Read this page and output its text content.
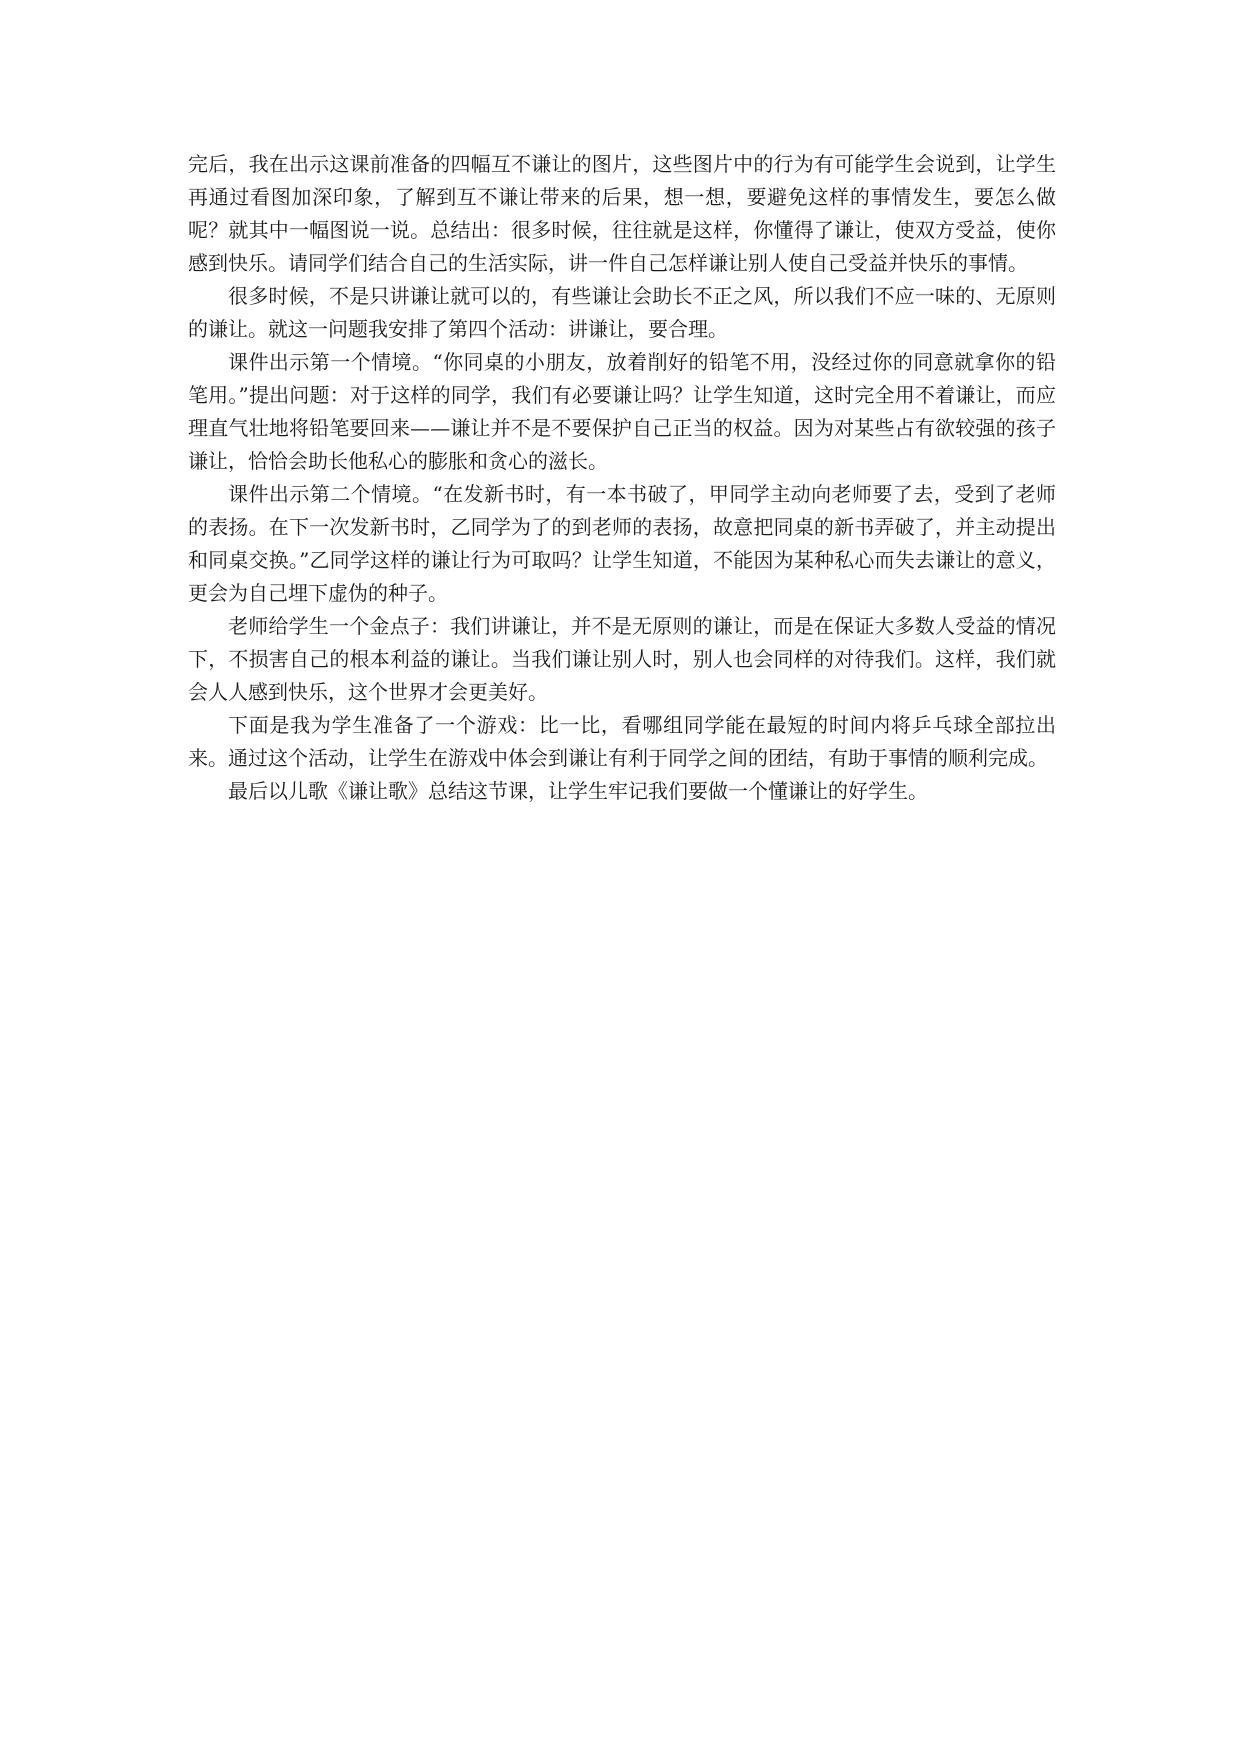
完后，我在出示这课前准备的四幅互不谦让的图片，这些图片中的行为有可能学生会说到，让学生再通过看图加深印象，了解到互不谦让带来的后果，想一想，要避免这样的事情发生，要怎么做呢？就其中一幅图说一说。总结出：很多时候，往往就是这样，你懂得了谦让，使双方受益，使你感到快乐。请同学们结合自己的生活实际，讲一件自己怎样谦让别人使自己受益并快乐的事情。

很多时候，不是只讲谦让就可以的，有些谦让会助长不正之风，所以我们不应一味的、无原则的谦让。就这一问题我安排了第四个活动：讲谦让，要合理。

课件出示第一个情境。“你同桌的小朋友，放着削好的铅笔不用，没经过你的同意就拿你的铅笔用。”提出问题：对于这样的同学，我们有必要谦让吗？让学生知道，这时完全用不着谦让，而应理直气壮地将铅笔要回来——谦让并不是不要保护自己正当的权益。因为对某些占有欲较强的孩子谦让，恰恰会助长他私心的膨胀和贪心的滋长。

课件出示第二个情境。“在发新书时，有一本书破了，甲同学主动向老师要了去，受到了老师的表扬。在下一次发新书时，乙同学为了的到老师的表扬，故意把同桌的新书弄破了，并主动提出和同桌交换。”乙同学这样的谦让行为可取吗？让学生知道，不能因为某种私心而失去谦让的意义，更会为自己埋下虚伪的种子。

老师给学生一个金点子：我们讲谦让，并不是无原则的谦让，而是在保证大多数人受益的情况下，不损害自己的根本利益的谦让。当我们谦让别人时，别人也会同样的对待我们。这样，我们就会人人感到快乐，这个世界才会更美好。

下面是我为学生准备了一个游戏：比一比，看哪组同学能在最短的时间内将乒乓球全部拉出来。通过这个活动，让学生在游戏中体会到谦让有利于同学之间的团结，有助于事情的顺利完成。

最后以儿歌《谦让歌》总结这节课，让学生牢记我们要做一个懂谦让的好学生。
